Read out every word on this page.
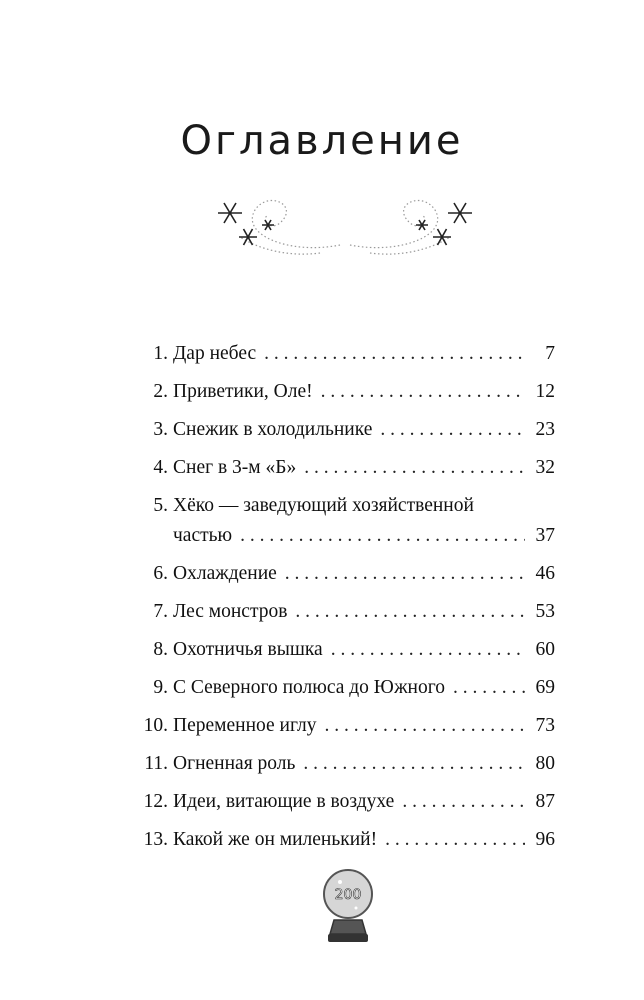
Оглавление
1. Дар небес . . .	7
2. Приветики, Оле! . . .	12
3. Снежик в холодильнике . . .	23
4. Снег в 3-м «Б» . . .	32
5. Хёко — заведующий хозяйственной
частью . . .	37
6. Охлаждение . . .	46
7. Лес монстров . . .	53
8. Охотничья вышка . . .	60
9. С Северного полюса до Южного . . .	69
10. Переменное иглу . . .	73
11. Огненная роль . . .	80
12. Идеи, витающие в воздухе . . .	87
13. Какой же он миленький! . . .	96
200
